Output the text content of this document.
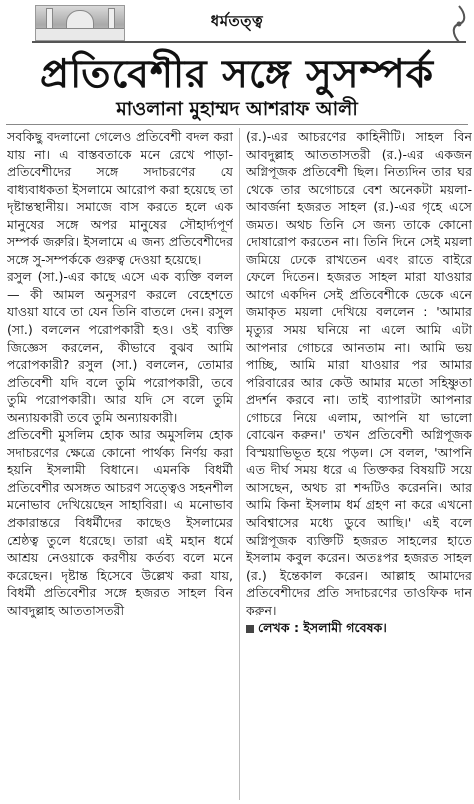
ধর্মতত্ত্ব
প্রতিবেশীর সঙ্গে সুসম্পর্ক
মাওলানা মুহাম্মদ আশরাফ আলী

সবকিছু বদলানো গেলেও প্রতিবেশী বদল করা যায় না। এ বাস্তবতাকে মনে রেখে পাড়া-প্রতিবেশীদের সঙ্গে সদাচরণের যে বাধ্যবাধকতা ইসলামে আরোপ করা হয়েছে তা দৃষ্টান্তস্থানীয়। সমাজে বাস করতে হলে এক মানুষের সঙ্গে অপর মানুষের সৌহার্দ্যপূর্ণ সম্পর্ক জরুরি। ইসলামে এ জন্য প্রতিবেশীদের সঙ্গে সু-সম্পর্ককে গুরুত্ব দেওয়া হয়েছে।

রসুল (সা.)-এর কাছে এসে এক ব্যক্তি বলল— কী আমল অনুসরণ করলে বেহেশতে যাওয়া যাবে তা যেন তিনি বাতলে দেন। রসুল (সা.) বললেন পরোপকারী হও। ওই ব্যক্তি জিজ্ঞেস করলেন, কীভাবে বুঝব আমি পরোপকারী? রসুল (সা.) বললেন, তোমার প্রতিবেশী যদি বলে তুমি পরোপকারী, তবে তুমি পরোপকারী। আর যদি সে বলে তুমি অন্যায়কারী তবে তুমি অন্যায়কারী।

প্রতিবেশী মুসলিম হোক আর অমুসলিম হোক সদাচরণের ক্ষেত্রে কোনো পার্থক্য নির্ণয় করা হয়নি ইসলামী বিধানে। এমনকি বিধর্মী প্রতিবেশীর অসঙ্গত আচরণ সত্ত্বেও সহনশীল মনোভাব দেখিয়েছেন সাহাবিরা। এ মনোভাব প্রকারান্তরে বিধর্মীদের কাছেও ইসলামের শ্রেষ্ঠত্ব তুলে ধরেছে। তারা এই মহান ধর্মে আশ্রয় নেওয়াকে করণীয় কর্তব্য বলে মনে করেছেন। দৃষ্টান্ত হিসেবে উল্লেখ করা যায়, বিধর্মী প্রতিবেশীর সঙ্গে হজরত সাহল বিন আবদুল্লাহ আততাসতরী

(র.)-এর আচরণের কাহিনীটি। সাহল বিন আবদুল্লাহ আততাসতরী (র.)-এর একজন অগ্নিপূজক প্রতিবেশী ছিল। নিত্যদিন তার ঘর থেকে তার অগোচরে বেশ অনেকটা ময়লা-আবর্জনা হজরত সাহল (র.)-এর গৃহে এসে জমত। অথচ তিনি সে জন্য তাকে কোনো দোষারোপ করতেন না। তিনি দিনে সেই ময়লা জমিয়ে ঢেকে রাখতেন এবং রাতে বাইরে ফেলে দিতেন। হজরত সাহল মারা যাওয়ার আগে একদিন সেই প্রতিবেশীকে ডেকে এনে জমাকৃত ময়লা দেখিয়ে বললেন : 'আমার মৃত্যুর সময় ঘনিয়ে না এলে আমি এটা আপনার গোচরে আনতাম না। আমি ভয় পাচ্ছি, আমি মারা যাওয়ার পর আমার পরিবারের আর কেউ আমার মতো সহিষ্ণুতা প্রদর্শন করবে না। তাই ব্যাপারটা আপনার গোচরে নিয়ে এলাম, আপনি যা ভালো বোঝেন করুন।' তখন প্রতিবেশী অগ্নিপূজক বিস্ময়াভিভূত হয়ে পড়ল। সে বলল, 'আপনি এত দীর্ঘ সময় ধরে এ তিক্তকর বিষয়টি সয়ে আসছেন, অথচ রা শব্দটিও করেননি। আর আমি কিনা ইসলাম ধর্ম গ্রহণ না করে এখনো অবিশ্বাসের মধ্যে ডুবে আছি।' এই বলে অগ্নিপূজক ব্যক্তিটি হজরত সাহলের হাতে ইসলাম কবুল করেন। অতঃপর হজরত সাহল (র.) ইন্তেকাল করেন। আল্লাহ আমাদের প্রতিবেশীদের প্রতি সদাচরণের তাওফিক দান করুন।

লেখক : ইসলামী গবেষক।
